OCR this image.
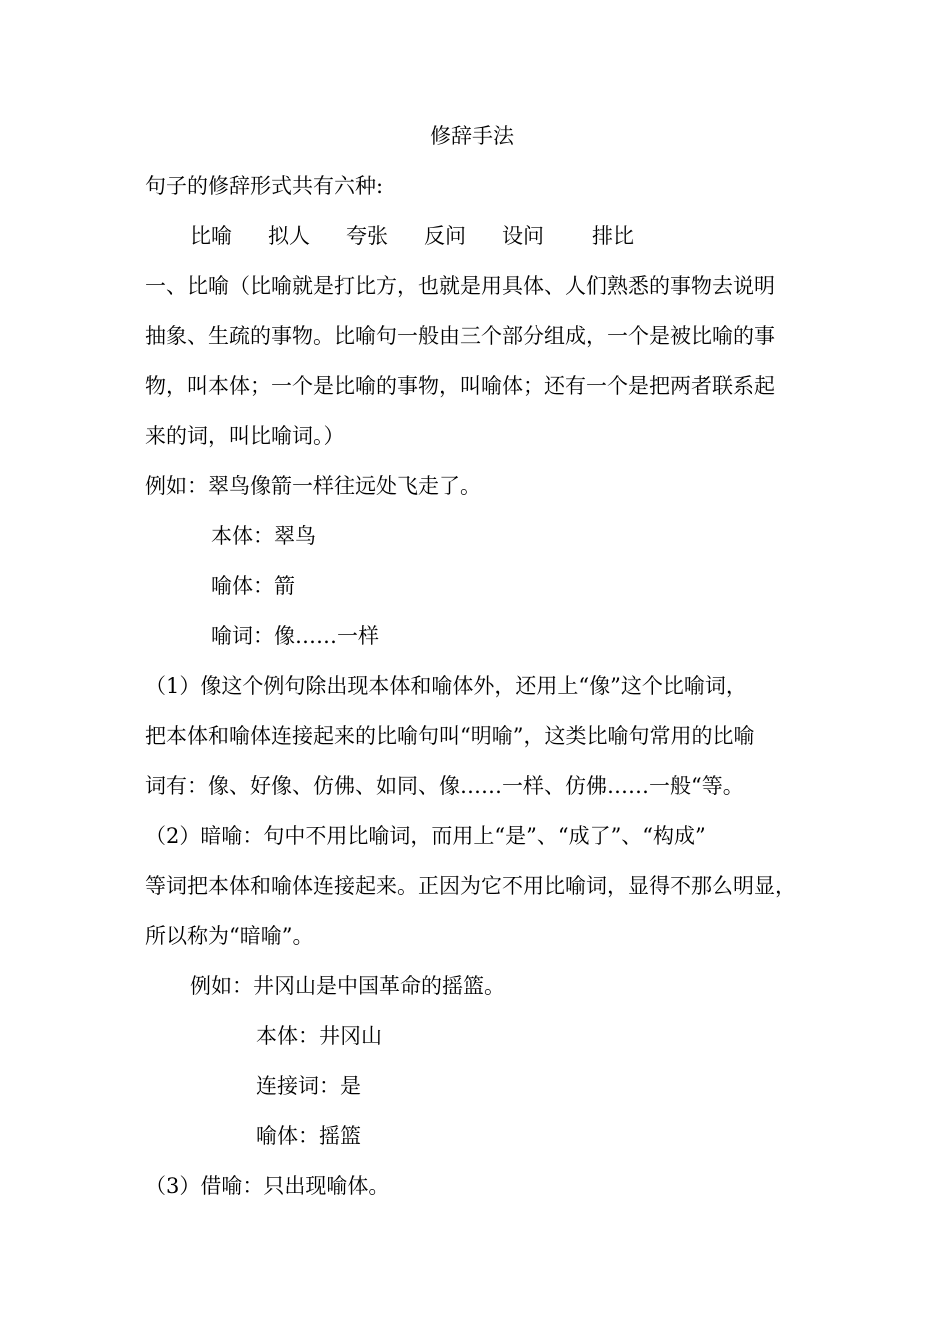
修辞手法
句子的修辞形式共有六种:
比喻 拟人 夸张 反问 设问 排比
一、比喻（比喻就是打比方，也就是用具体、人们熟悉的事物去说明
抽象、生疏的事物。比喻句一般由三个部分组成，一个是被比喻的事
物，叫本体；一个是比喻的事物，叫喻体；还有一个是把两者联系起
来的词，叫比喻词。）
例如：翠鸟像箭一样往远处飞走了。
本体：翠鸟
喻体：箭
喻词：像……一样
（1）像这个例句除出现本体和喻体外，还用上“像”这个比喻词，
把本体和喻体连接起来的比喻句叫“明喻”，这类比喻句常用的比喻
词有：像、好像、仿佛、如同、像……一样、仿佛……一般“等。
（2）暗喻：句中不用比喻词，而用上“是”、“成了”、“构成”
等词把本体和喻体连接起来。正因为它不用比喻词，显得不那么明显，
所以称为“暗喻”。
例如：井冈山是中国革命的摇篮。
本体：井冈山
连接词：是
喻体：摇篮
（3）借喻：只出现喻体。
